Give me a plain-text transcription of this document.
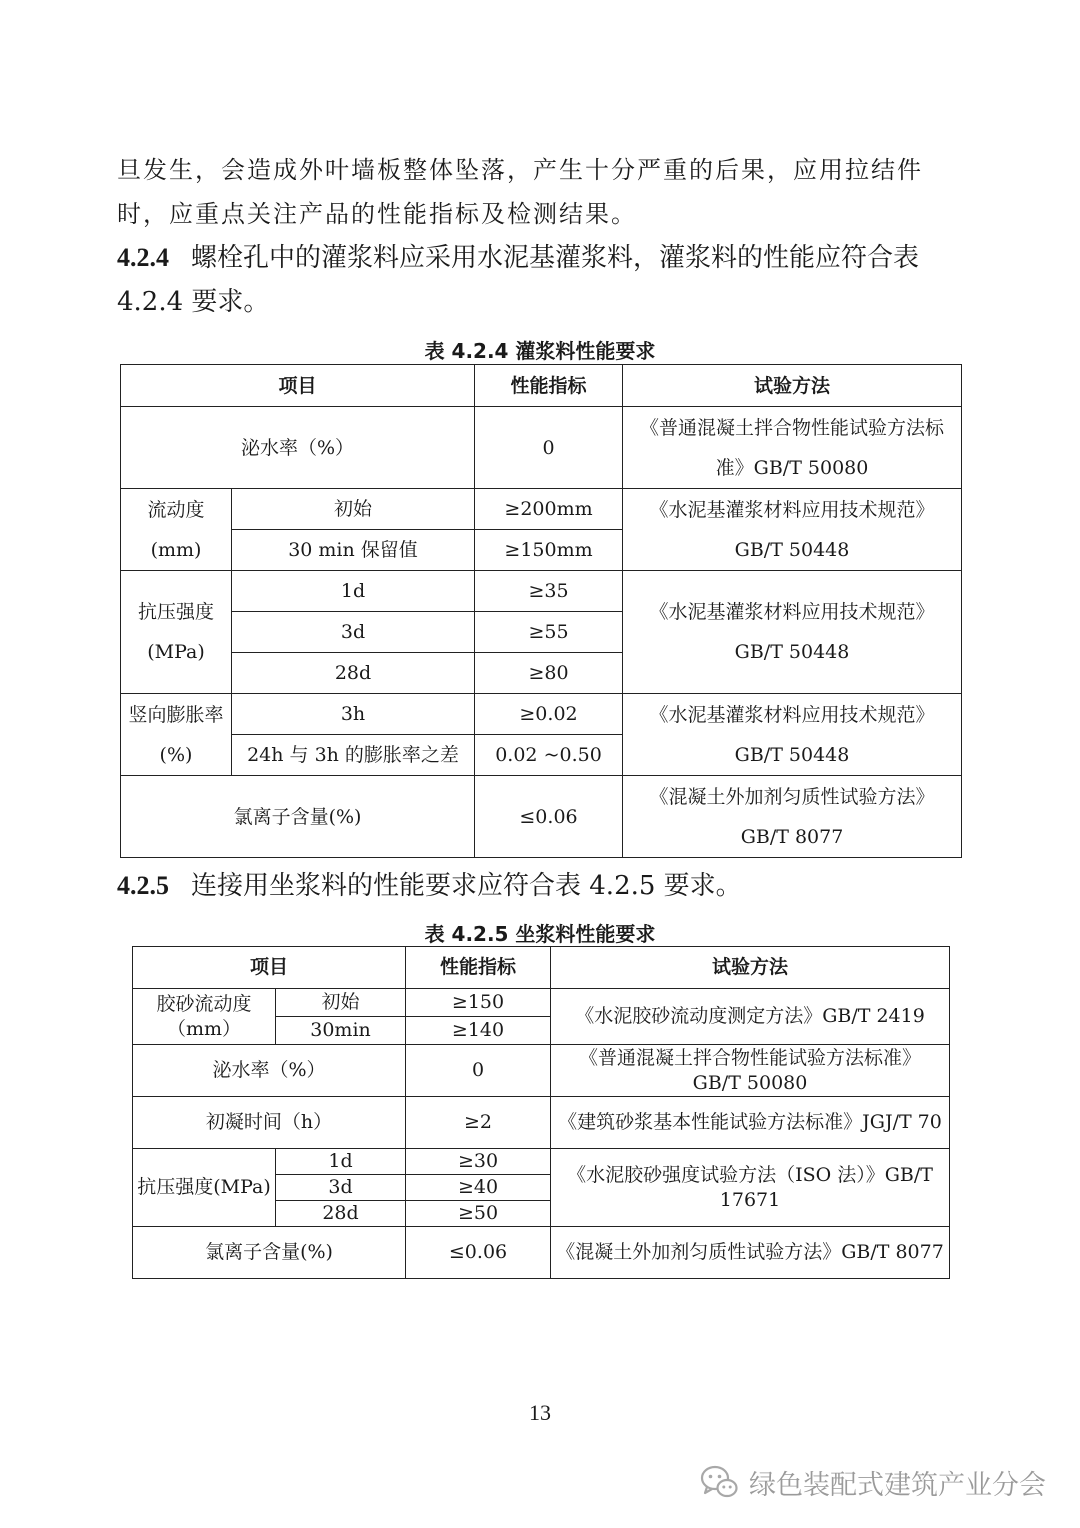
旦发生，会造成外叶墙板整体坠落，产生十分严重的后果，应用拉结件时，应重点关注产品的性能指标及检测结果。

4.2.4 螺栓孔中的灌浆料应采用水泥基灌浆料，灌浆料的性能应符合表4.2.4 要求。

表 4.2.4 灌浆料性能要求

项目		性能指标	试验方法
泌水率（%）		0	《普通混凝土拌合物性能试验方法标准》GB/T 50080
流动度(mm)	初始	≥200mm	《水泥基灌浆材料应用技术规范》GB/T 50448
	30 min 保留值	≥150mm	
抗压强度(MPa)	1d	≥35	《水泥基灌浆材料应用技术规范》GB/T 50448
	3d	≥55	
	28d	≥80	
竖向膨胀率(%)	3h	≥0.02	《水泥基灌浆材料应用技术规范》GB/T 50448
	24h 与 3h 的膨胀率之差	0.02 ~0.50	
氯离子含量(%)		≤0.06	《混凝土外加剂匀质性试验方法》GB/T 8077

4.2.5 连接用坐浆料的性能要求应符合表 4.2.5 要求。

表 4.2.5 坐浆料性能要求

项目		性能指标	试验方法
胶砂流动度（mm）	初始	≥150	《水泥胶砂流动度测定方法》GB/T 2419
	30min	≥140	
泌水率（%）		0	《普通混凝土拌合物性能试验方法标准》GB/T 50080
初凝时间（h）		≥2	《建筑砂浆基本性能试验方法标准》JGJ/T 70
抗压强度(MPa)	1d	≥30	《水泥胶砂强度试验方法（ISO 法）》GB/T 17671
	3d	≥40	
	28d	≥50	
氯离子含量(%)		≤0.06	《混凝土外加剂匀质性试验方法》GB/T 8077
13
绿色装配式建筑产业分会
